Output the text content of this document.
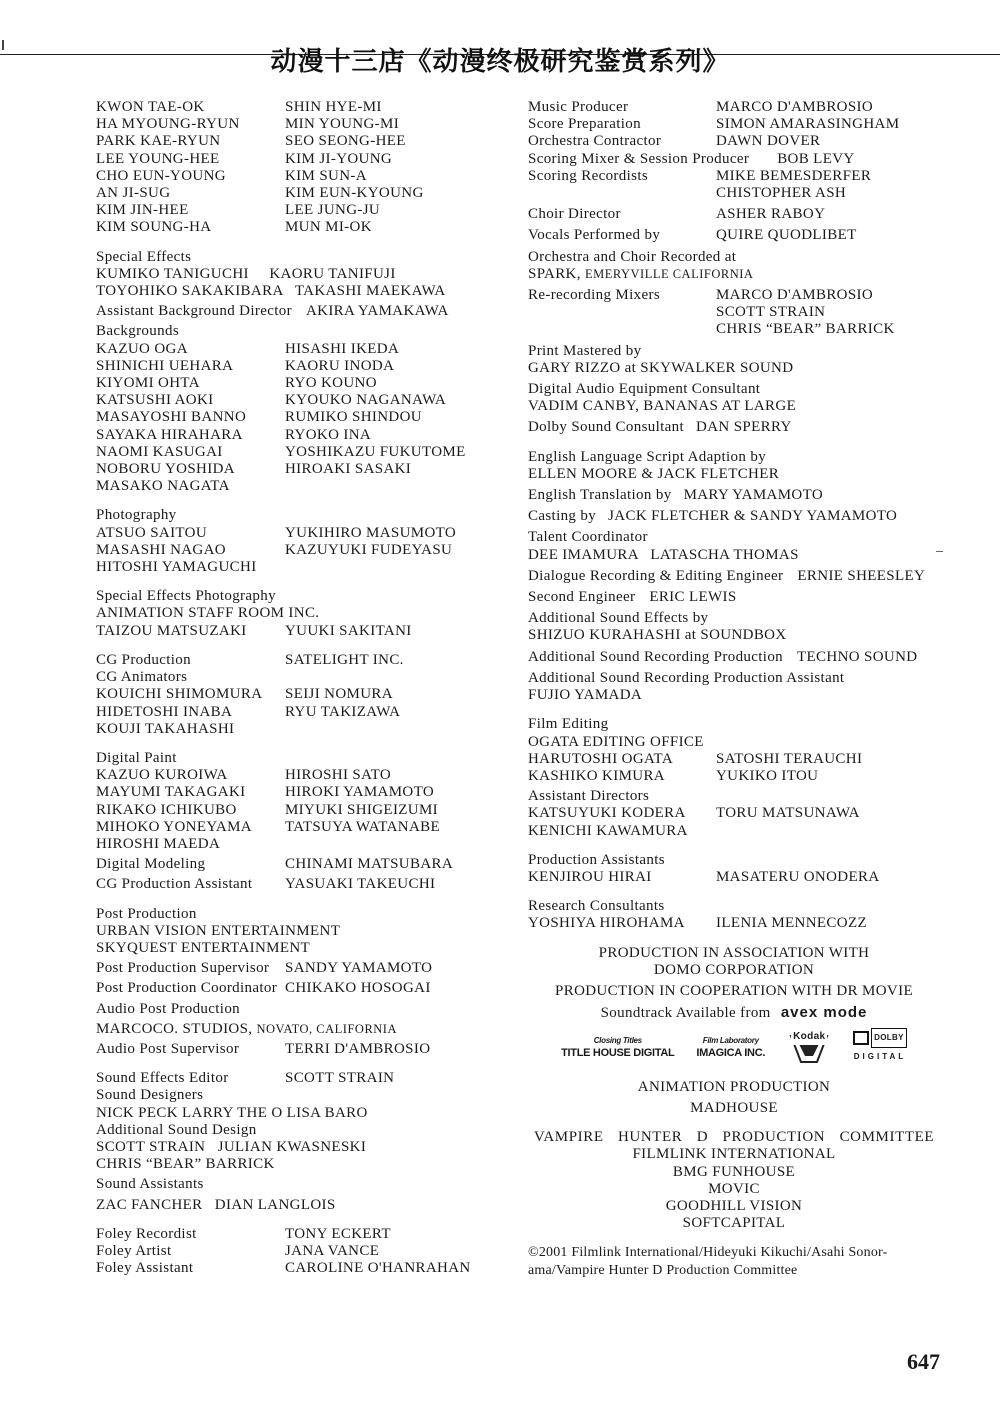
动漫十三店《动漫终极研究鉴赏系列》
KWON TAE-OK	SHIN HYE-MI
HA MYOUNG-RYUN	MIN YOUNG-MI
PARK KAE-RYUN	SEO SEONG-HEE
LEE YOUNG-HEE	KIM JI-YOUNG
CHO EUN-YOUNG	KIM SUN-A
AN JI-SUG	KIM EUN-KYOUNG
KIM JIN-HEE	LEE JUNG-JU
KIM SOUNG-HA	MUN MI-OK
Special Effects
KUMIKO TANIGUCHI     KAORU TANIFUJI
TOYOHIKO SAKAKIBARA   TAKASHI MAEKAWA
Assistant Background Director AKIRA YAMAKAWA
Backgrounds
KAZUO OGA	HISASHI IKEDA
SHINICHI UEHARA	KAORU INODA
KIYOMI OHTA	RYO KOUNO
KATSUSHI AOKI	KYOUKO NAGANAWA
MASAYOSHI BANNO	RUMIKO SHINDOU
SAYAKA HIRAHARA	RYOKO INA
NAOMI KASUGAI	YOSHIKAZU FUKUTOME
NOBORU YOSHIDA	HIROAKI SASAKI
MASAKO NAGATA
Photography
ATSUO SAITOU	YUKIHIRO MASUMOTO
MASASHI NAGAO	KAZUYUKI FUDEYASU
HITOSHI YAMAGUCHI
Special Effects Photography
ANIMATION STAFF ROOM INC.
TAIZOU MATSUZAKI	YUUKI SAKITANI
CG Production	SATELIGHT INC.
CG Animators
KOUICHI SHIMOMURA	SEIJI NOMURA
HIDETOSHI INABA	RYU TAKIZAWA
KOUJI TAKAHASHI
Digital Paint
KAZUO KUROIWA	HIROSHI SATO
MAYUMI TAKAGAKI	HIROKI YAMAMOTO
RIKAKO ICHIKUBO	MIYUKI SHIGEIZUMI
MIHOKO YONEYAMA	TATSUYA WATANABE
HIROSHI MAEDA
Digital Modeling	CHINAMI MATSUBARA
CG Production Assistant	YASUAKI TAKEUCHI
Post Production
URBAN VISION ENTERTAINMENT
SKYQUEST ENTERTAINMENT
Post Production Supervisor	SANDY YAMAMOTO
Post Production Coordinator CHIKAKO HOSOGAI
Audio Post Production
MARCOCO. STUDIOS, NOVATO, CALIFORNIA
Audio Post Supervisor	TERRI D'AMBROSIO
Sound Effects Editor	SCOTT STRAIN
Sound Designers
NICK PECK LARRY THE O LISA BARO
Additional Sound Design
SCOTT STRAIN   JULIAN KWASNESKI
CHRIS “BEAR” BARRICK
Sound Assistants
ZAC FANCHER   DIAN LANGLOIS
Foley Recordist	TONY ECKERT
Foley Artist	JANA VANCE
Foley Assistant	CAROLINE O'HANRAHAN
Music Producer	MARCO D'AMBROSIO
Score Preparation	SIMON AMARASINGHAM
Orchestra Contractor	DAWN DOVER
Scoring Mixer & Session Producer BOB LEVY
Scoring Recordists	MIKE BEMESDERFER
CHISTOPHER ASH
Choir Director	ASHER RABOY
Vocals Performed by	QUIRE QUODLIBET
Orchestra and Choir Recorded at
SPARK, EMERYVILLE CALIFORNIA
Re-recording Mixers	MARCO D'AMBROSIO
SCOTT STRAIN
CHRIS “BEAR” BARRICK
Print Mastered by
GARY RIZZO at SKYWALKER SOUND
Digital Audio Equipment Consultant
VADIM CANBY, BANANAS AT LARGE
Dolby Sound Consultant DAN SPERRY
English Language Script Adaption by
ELLEN MOORE & JACK FLETCHER
English Translation by MARY YAMAMOTO
Casting by JACK FLETCHER & SANDY YAMAMOTO
Talent Coordinator
DEE IMAMURA   LATASCHA THOMAS
Dialogue Recording & Editing Engineer ERNIE SHEESLEY
Second Engineer ERIC LEWIS
Additional Sound Effects by
SHIZUO KURAHASHI at SOUNDBOX
Additional Sound Recording Production TECHNO SOUND
Additional Sound Recording Production Assistant
FUJIO YAMADA
Film Editing
OGATA EDITING OFFICE
HARUTOSHI OGATA	SATOSHI TERAUCHI
KASHIKO KIMURA	YUKIKO ITOU
Assistant Directors
KATSUYUKI KODERA	TORU MATSUNAWA
KENICHI KAWAMURA
Production Assistants
KENJIROU HIRAI	MASATERU ONODERA
Research Consultants
YOSHIYA HIROHAMA	ILENIA MENNECOZZ
PRODUCTION IN ASSOCIATION WITH
DOMO CORPORATION
PRODUCTION IN COOPERATION WITH DR MOVIE
Soundtrack Available from avex mode
Closing Titles
TITLE HOUSE DIGITAL
Film Laboratory
IMAGICA INC.
Kodak	DOLBY
DIGITAL
ANIMATION PRODUCTION
MADHOUSE
VAMPIRE HUNTER D PRODUCTION COMMITTEE
FILMLINK INTERNATIONAL
BMG FUNHOUSE
MOVIC
GOODHILL VISION
SOFTCAPITAL
©2001 Filmlink International/Hideyuki Kikuchi/Asahi Sonor-
ama/Vampire Hunter D Production Committee
647
